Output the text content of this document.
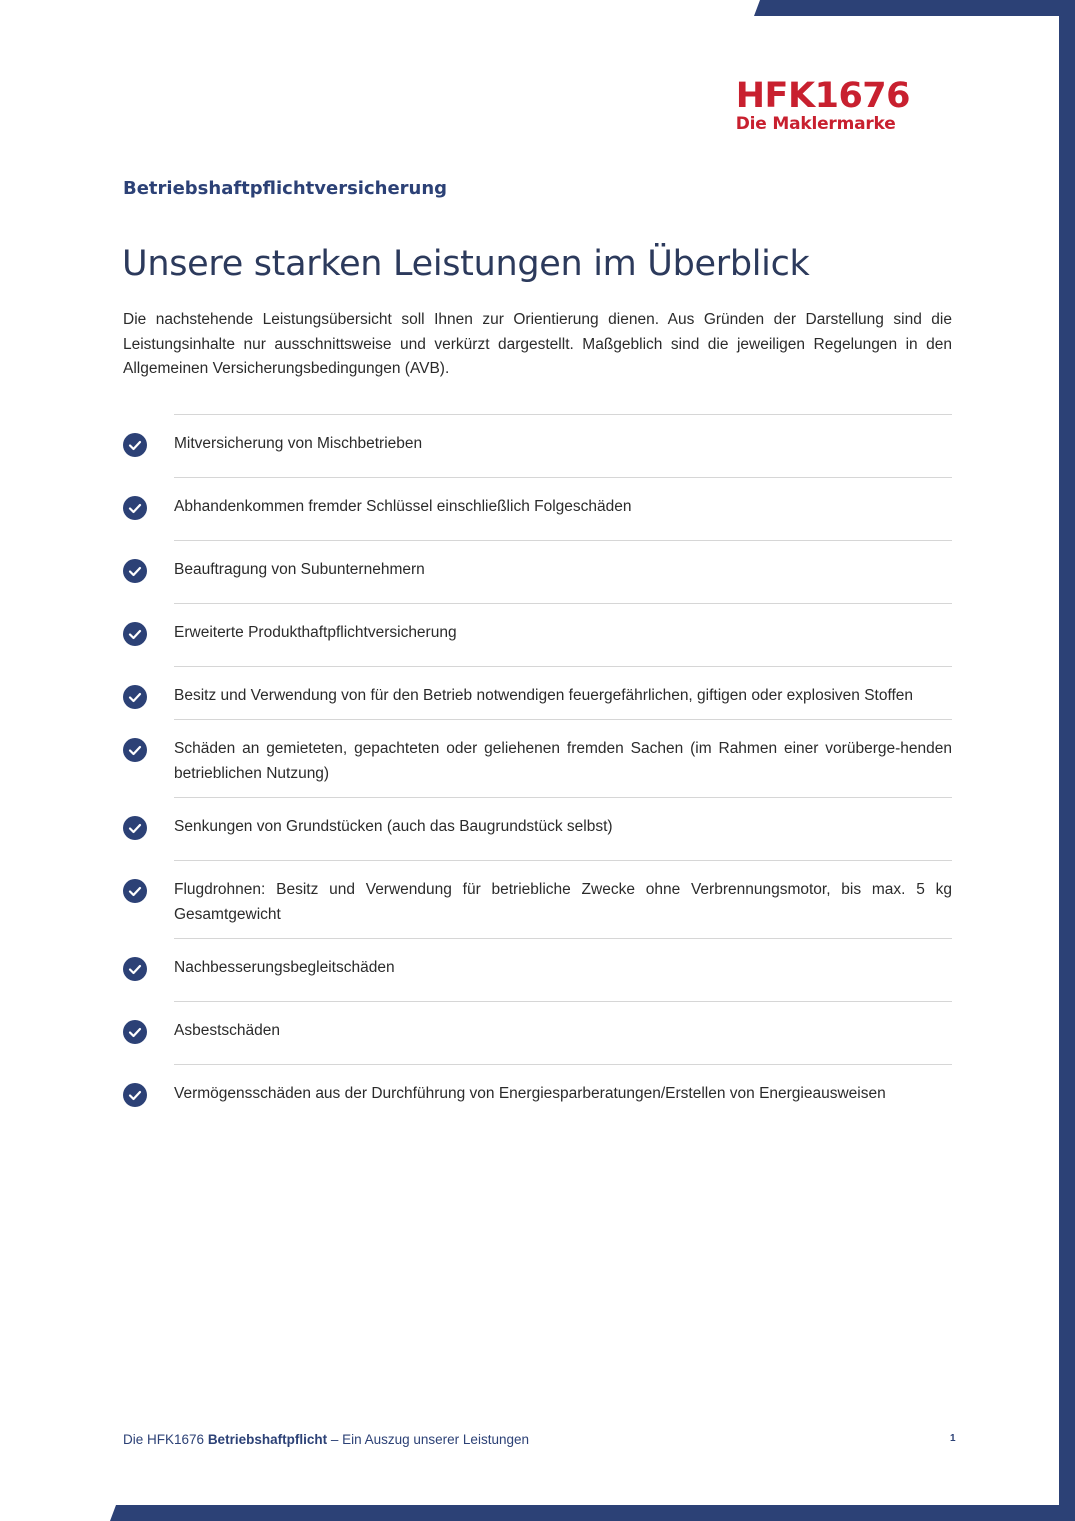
HFK1676
Die Maklermarke
Betriebshaftpflichtversicherung
Unsere starken Leistungen im Überblick

Die nachstehende Leistungsübersicht soll Ihnen zur Orientierung dienen. Aus Gründen der Darstellung sind die Leistungsinhalte nur ausschnittsweise und verkürzt dargestellt. Maßgeblich sind die jeweiligen Regelungen in den Allgemeinen Versicherungsbedingungen (AVB).

Mitversicherung von Mischbetrieben
Abhandenkommen fremder Schlüssel einschließlich Folgeschäden
Beauftragung von Subunternehmern
Erweiterte Produkthaftpflichtversicherung
Besitz und Verwendung von für den Betrieb notwendigen feuergefährlichen, giftigen oder explosiven Stoffen
Schäden an gemieteten, gepachteten oder geliehenen fremden Sachen (im Rahmen einer vorüberge-henden betrieblichen Nutzung)
Senkungen von Grundstücken (auch das Baugrundstück selbst)
Flugdrohnen: Besitz und Verwendung für betriebliche Zwecke ohne Verbrennungsmotor, bis max. 5 kg Gesamtgewicht
Nachbesserungsbegleitschäden
Asbestschäden
Vermögensschäden aus der Durchführung von Energiesparberatungen/Erstellen von Energieausweisen
Die HFK1676 Betriebshaftpflicht – Ein Auszug unserer Leistungen	1
